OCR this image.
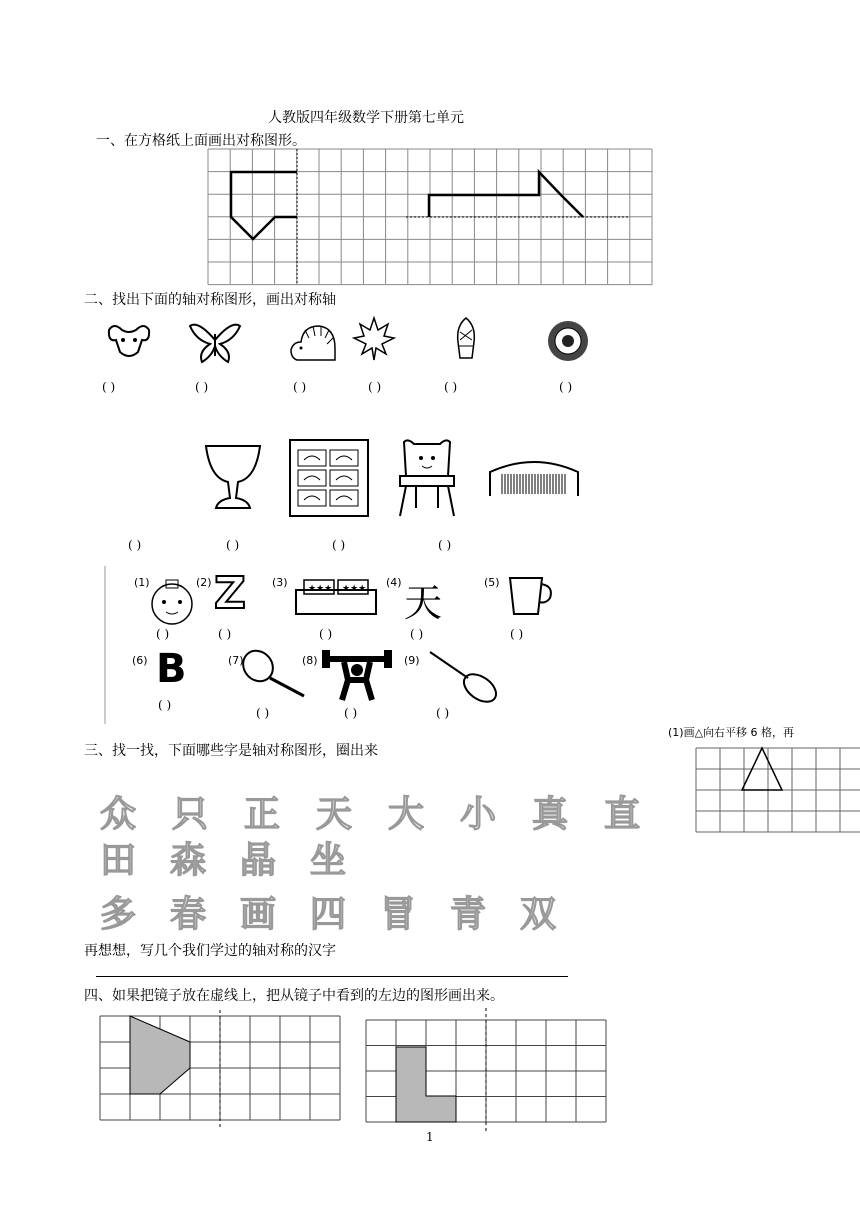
人教版四年级数学下册第七单元
一、在方格纸上面画出对称图形。
二、找出下面的轴对称图形，画出对称轴
( )	( )	( )	( )	( )	( )
( )	( )	( )	( )
(1)	(2) Z (3) ★★★ ★★★ (4) 天	(5)
( )	( )	( )	( )	( )
(6) B	(7)	(8)	(9)
( )
( )	( )	( )
(1)画△向右平移 6 格，再
三、找一找，下面哪些字是轴对称图形，圈出来
众 只 正 天 大 小 真 直
田 森 晶 坐
多 春 画 四 冒 青 双
再想想，写几个我们学过的轴对称的汉字
四、如果把镜子放在虚线上，把从镜子中看到的左边的图形画出来。
1
